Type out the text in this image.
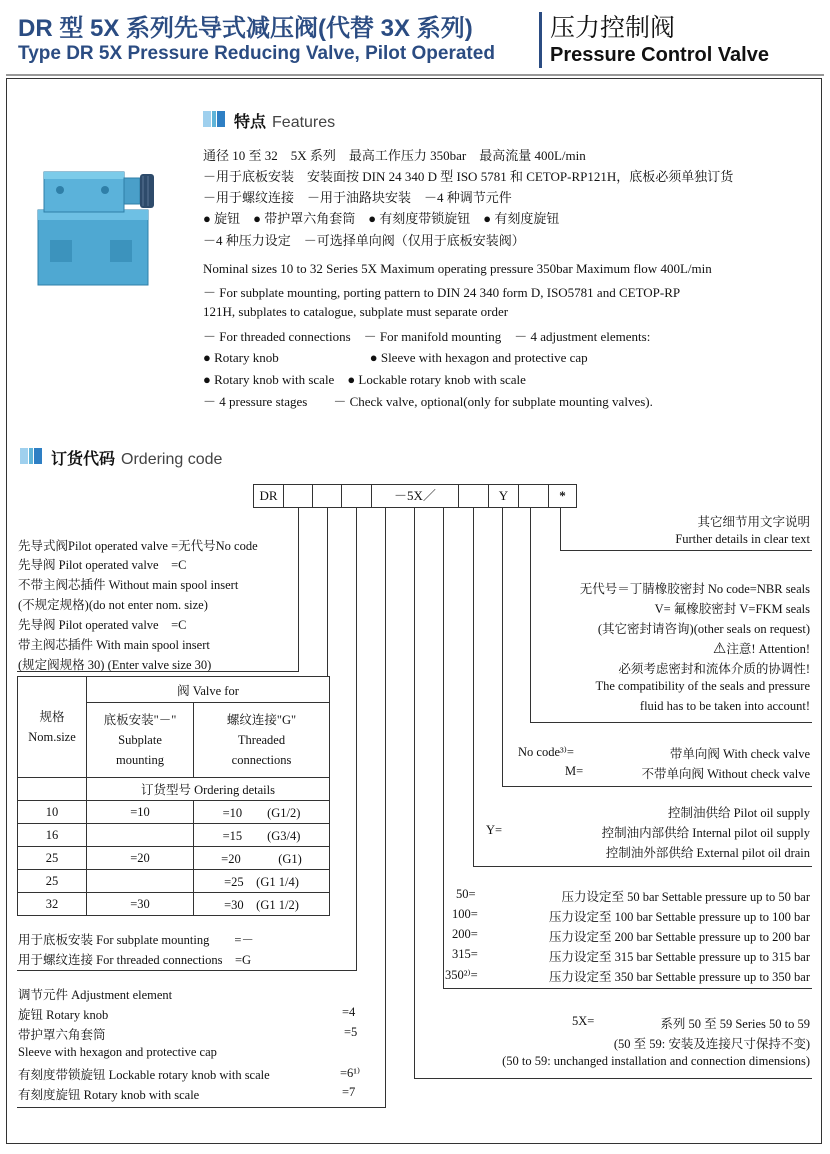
DR 型 5X 系列先导式减压阀(代替 3X 系列)
Type DR 5X Pressure Reducing Valve, Pilot Operated
压力控制阀
Pressure Control Valve
特点 Features
通径 10 至 32　5X 系列　最高工作压力 350bar　最高流量 400L/min
－用于底板安装　安装面按 DIN 24 340 D 型 ISO 5781 和 CETOP-RP121H，底板必须单独订货
－用于螺纹连接　－用于油路块安装　－4 种调节元件
● 旋钮　● 带护罩六角套筒　● 有刻度带锁旋钮　● 有刻度旋钮
－4 种压力设定　－可选择单向阀（仅用于底板安装阀）
Nominal sizes 10 to 32 Series 5X Maximum operating pressure 350bar Maximum flow 400L/min
－ For subplate mounting, porting pattern to DIN 24 340 form D, ISO5781 and CETOP-RP
121H, subplates to catalogue, subplate must separate order
－ For threaded connections　－ For manifold mounting　－ 4 adjustment elements:
● Rotary knob　　　　　　　● Sleeve with hexagon and protective cap
● Rotary knob with scale　● Lockable rotary knob with scale
－ 4 pressure stages　　－ Check valve, optional(only for subplate mounting valves).
订货代码 Ordering code
DR	－5X／	Y	*
先导式阀Pilot operated valve =无代号No code
先导阀 Pilot operated valve　=C
不带主阀芯插件 Without main spool insert
(不规定规格)(do not enter nom. size)
先导阀 Pilot operated valve　=C
带主阀芯插件 With main spool insert
(规定阀规格 30) (Enter valve size 30)
规格
Nom.size	阀 Valve for	
	底板安装"－"
Subplate
mounting	螺纹连接"G"
Threaded
connections
	订货型号 Ordering details	
10	=10	=10　　(G1/2)
16		=15　　(G3/4)
25	=20	=20　　　(G1)
25		=25　(G1 1/4)
32	=30	=30　(G1 1/2)
用于底板安装 For subplate mounting　　=－
用于螺纹连接 For threaded connections　=G
调节元件 Adjustment element
旋钮 Rotary knob	=4
带护罩六角套筒	=5
Sleeve with hexagon and protective cap
有刻度带锁旋钮 Lockable rotary knob with scale	=6¹⁾
有刻度旋钮 Rotary knob with scale	=7
其它细节用文字说明
Further details in clear text
无代号＝丁腈橡胶密封 No code=NBR seals
V= 氟橡胶密封 V=FKM seals
(其它密封请咨询)(other seals on request)
⚠注意! Attention!
必须考虑密封和流体介质的协调性!
The compatibility of the seals and pressure
fluid has to be taken into account!
No code³⁾=	带单向阀 With check valve
M=	不带单向阀 Without check valve
控制油供给 Pilot oil supply
Y=	控制油内部供给 Internal pilot oil supply
控制油外部供给 External pilot oil drain
50=	压力设定至 50 bar Settable pressure up to 50 bar
100=	压力设定至 100 bar Settable pressure up to 100 bar
200=	压力设定至 200 bar Settable pressure up to 200 bar
315=	压力设定至 315 bar Settable pressure up to 315 bar
350²⁾=	压力设定至 350 bar Settable pressure up to 350 bar
5X=	系列 50 至 59 Series 50 to 59
(50 至 59: 安装及连接尺寸保持不变)
(50 to 59: unchanged installation and connection dimensions)
